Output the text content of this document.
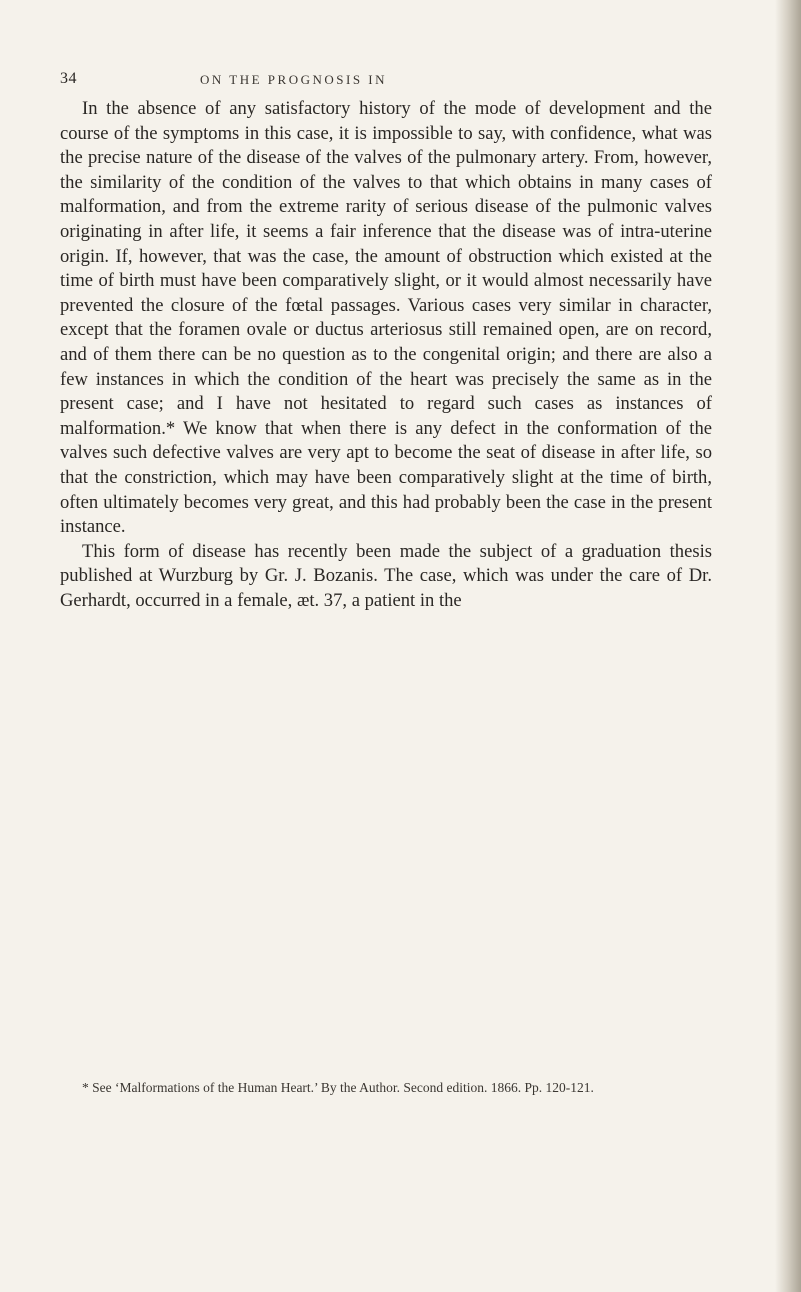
34	ON THE PROGNOSIS IN

In the absence of any satisfactory history of the mode of development and the course of the symptoms in this case, it is impossible to say, with confidence, what was the precise nature of the disease of the valves of the pulmonary artery. From, however, the similarity of the condition of the valves to that which obtains in many cases of malformation, and from the extreme rarity of serious disease of the pulmonic valves originating in after life, it seems a fair inference that the disease was of intra-uterine origin. If, however, that was the case, the amount of obstruction which existed at the time of birth must have been comparatively slight, or it would almost necessarily have prevented the closure of the fœtal passages. Various cases very similar in character, except that the foramen ovale or ductus arteriosus still remained open, are on record, and of them there can be no question as to the congenital origin; and there are also a few instances in which the condition of the heart was precisely the same as in the present case; and I have not hesitated to regard such cases as instances of malformation.* We know that when there is any defect in the conformation of the valves such defective valves are very apt to become the seat of disease in after life, so that the constriction, which may have been comparatively slight at the time of birth, often ultimately becomes very great, and this had probably been the case in the present instance.

This form of disease has recently been made the subject of a graduation thesis published at Wurzburg by Gr. J. Bozanis. The case, which was under the care of Dr. Gerhardt, occurred in a female, æt. 37, a patient in the

* See ‘Malformations of the Human Heart.’ By the Author. Second edition. 1866. Pp. 120-121.
